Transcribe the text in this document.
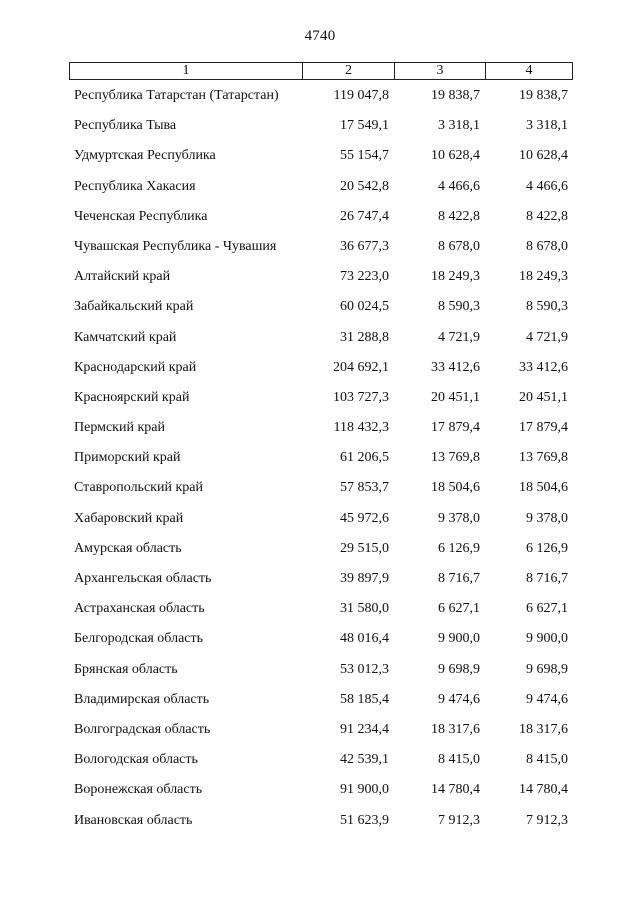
4740
1	2	3	4
Республика Татарстан (Татарстан)	119 047,8	19 838,7	19 838,7
Республика Тыва	17 549,1	3 318,1	3 318,1
Удмуртская Республика	55 154,7	10 628,4	10 628,4
Республика Хакасия	20 542,8	4 466,6	4 466,6
Чеченская Республика	26 747,4	8 422,8	8 422,8
Чувашская Республика - Чувашия	36 677,3	8 678,0	8 678,0
Алтайский край	73 223,0	18 249,3	18 249,3
Забайкальский край	60 024,5	8 590,3	8 590,3
Камчатский край	31 288,8	4 721,9	4 721,9
Краснодарский край	204 692,1	33 412,6	33 412,6
Красноярский край	103 727,3	20 451,1	20 451,1
Пермский край	118 432,3	17 879,4	17 879,4
Приморский край	61 206,5	13 769,8	13 769,8
Ставропольский край	57 853,7	18 504,6	18 504,6
Хабаровский край	45 972,6	9 378,0	9 378,0
Амурская область	29 515,0	6 126,9	6 126,9
Архангельская область	39 897,9	8 716,7	8 716,7
Астраханская область	31 580,0	6 627,1	6 627,1
Белгородская область	48 016,4	9 900,0	9 900,0
Брянская область	53 012,3	9 698,9	9 698,9
Владимирская область	58 185,4	9 474,6	9 474,6
Волгоградская область	91 234,4	18 317,6	18 317,6
Вологодская область	42 539,1	8 415,0	8 415,0
Воронежская область	91 900,0	14 780,4	14 780,4
Ивановская область	51 623,9	7 912,3	7 912,3
